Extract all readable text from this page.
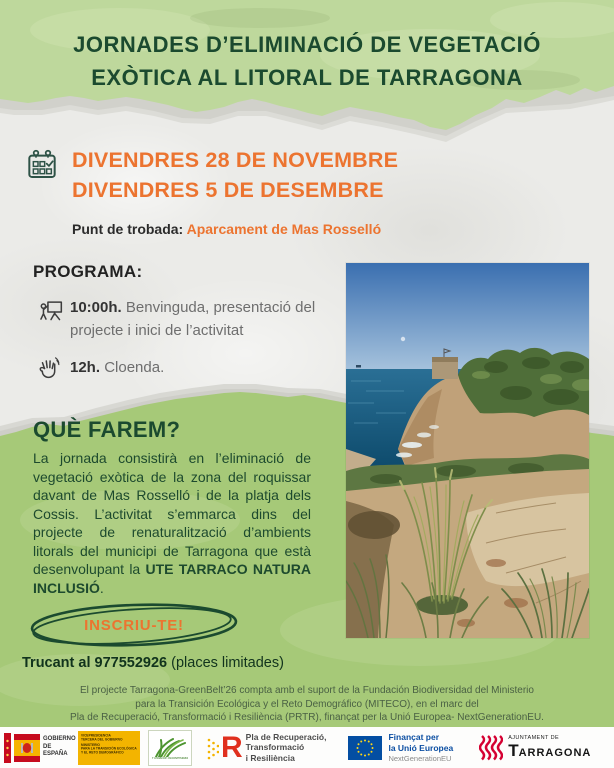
JORNADES D’ELIMINACIÓ DE VEGETACIÓ
EXÒTICA AL LITORAL DE TARRAGONA
DIVENDRES 28 DE NOVEMBRE
DIVENDRES 5 DE DESEMBRE
Punt de trobada: Aparcament de Mas Rosselló
PROGRAMA:
10:00h. Benvinguda, presentació del projecte i inici de l’activitat
12h. Cloenda.
QUÈ FAREM?
La jornada consistirà en l’eliminació de vegetació exòtica de la zona del roquissar davant de Mas Rosselló i de la platja dels Cossis. L’activitat s’emmarca dins del projecte de renaturalització d’ambients litorals del municipi de Tarragona que està desenvolupant la UTE TARRACO NATURA INCLUSIÓ.
INSCRIU-TE!
Trucant al 977552926 (places limitades)
El projecte Tarragona-GreenBelt’26 compta amb el suport de la Fundación Biodiversidad del Ministerio
para la Transición Ecológica y el Reto Demográfico (MITECO), en el marc del
Pla de Recuperació, Transformació i Resiliència (PRTR), finançat per la Unió Europea- NextGenerationEU.
GOBIERNO
DE ESPAÑA
VICEPRESIDENCIA
TERCERA DEL GOBIERNO
MINISTERIO
PARA LA TRANSICIÓN ECOLÓGICA
Y EL RETO DEMOGRÁFICO
Fundación Biodiversidad R Pla de Recuperació,
Transformació
i Resiliència
Finançat per
la Unió Europea
NextGenerationEU
AJUNTAMENT DE
TARRAGONA
